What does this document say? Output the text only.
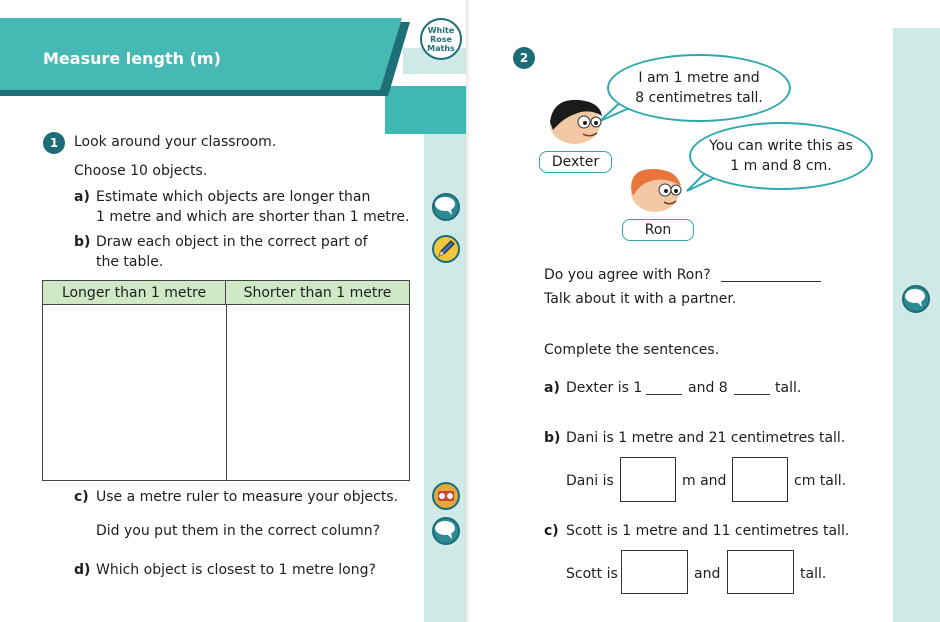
Measure length (m)
White
Rose
Maths
1	Look around your classroom.
Choose 10 objects.
a) Estimate which objects are longer than
1 metre and which are shorter than 1 metre.
b) Draw each object in the correct part of
the table.
Longer than 1 metre	Shorter than 1 metre
c) Use a metre ruler to measure your objects.
Did you put them in the correct column?
d) Which object is closest to 1 metre long?
2
I am 1 metre and
8 centimetres tall.
Dexter
You can write this as
1 m and 8 cm.
Ron
Do you agree with Ron?
Talk about it with a partner.
Complete the sentences.
a) Dexter is 1	and 8	tall.
b) Dani is 1 metre and 21 centimetres tall.
Dani is	m and	cm tall.
c) Scott is 1 metre and 11 centimetres tall.
Scott is	and	tall.
